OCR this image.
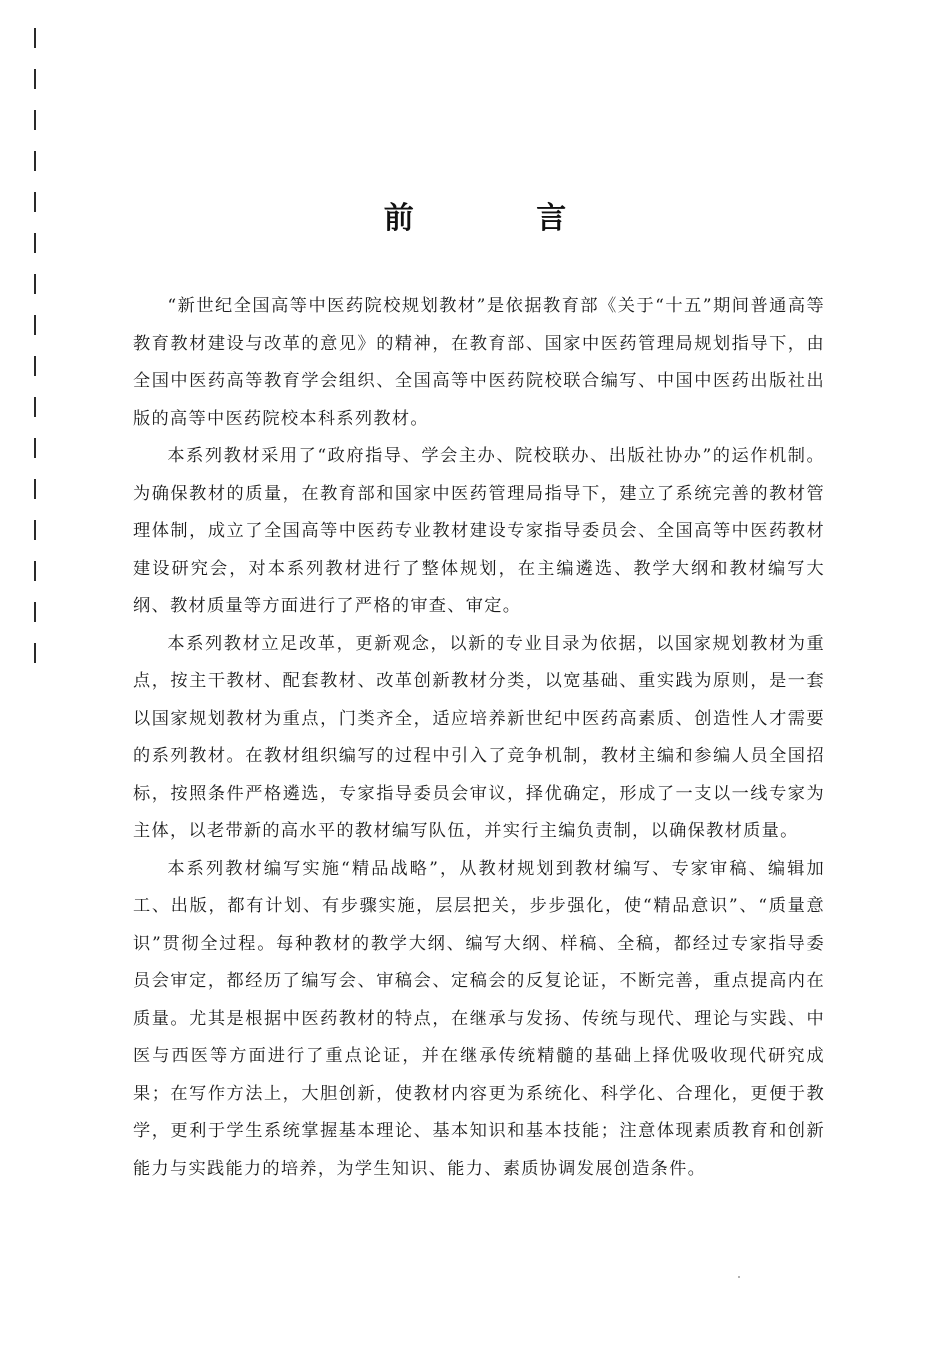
前 言

“新世纪全国高等中医药院校规划教材”是依据教育部《关于“十五”期间普通高等教育教材建设与改革的意见》的精神，在教育部、国家中医药管理局规划指导下，由全国中医药高等教育学会组织、全国高等中医药院校联合编写、中国中医药出版社出版的高等中医药院校本科系列教材。

本系列教材采用了“政府指导、学会主办、院校联办、出版社协办”的运作机制。为确保教材的质量，在教育部和国家中医药管理局指导下，建立了系统完善的教材管理体制，成立了全国高等中医药专业教材建设专家指导委员会、全国高等中医药教材建设研究会，对本系列教材进行了整体规划，在主编遴选、教学大纲和教材编写大纲、教材质量等方面进行了严格的审查、审定。

本系列教材立足改革，更新观念，以新的专业目录为依据，以国家规划教材为重点，按主干教材、配套教材、改革创新教材分类，以宽基础、重实践为原则，是一套以国家规划教材为重点，门类齐全，适应培养新世纪中医药高素质、创造性人才需要的系列教材。在教材组织编写的过程中引入了竞争机制，教材主编和参编人员全国招标，按照条件严格遴选，专家指导委员会审议，择优确定，形成了一支以一线专家为主体，以老带新的高水平的教材编写队伍，并实行主编负责制，以确保教材质量。

本系列教材编写实施“精品战略”，从教材规划到教材编写、专家审稿、编辑加工、出版，都有计划、有步骤实施，层层把关，步步强化，使“精品意识”、“质量意识”贯彻全过程。每种教材的教学大纲、编写大纲、样稿、全稿，都经过专家指导委员会审定，都经历了编写会、审稿会、定稿会的反复论证，不断完善，重点提高内在质量。尤其是根据中医药教材的特点，在继承与发扬、传统与现代、理论与实践、中医与西医等方面进行了重点论证，并在继承传统精髓的基础上择优吸收现代研究成果；在写作方法上，大胆创新，使教材内容更为系统化、科学化、合理化，更便于教学，更利于学生系统掌握基本理论、基本知识和基本技能；注意体现素质教育和创新能力与实践能力的培养，为学生知识、能力、素质协调发展创造条件。
